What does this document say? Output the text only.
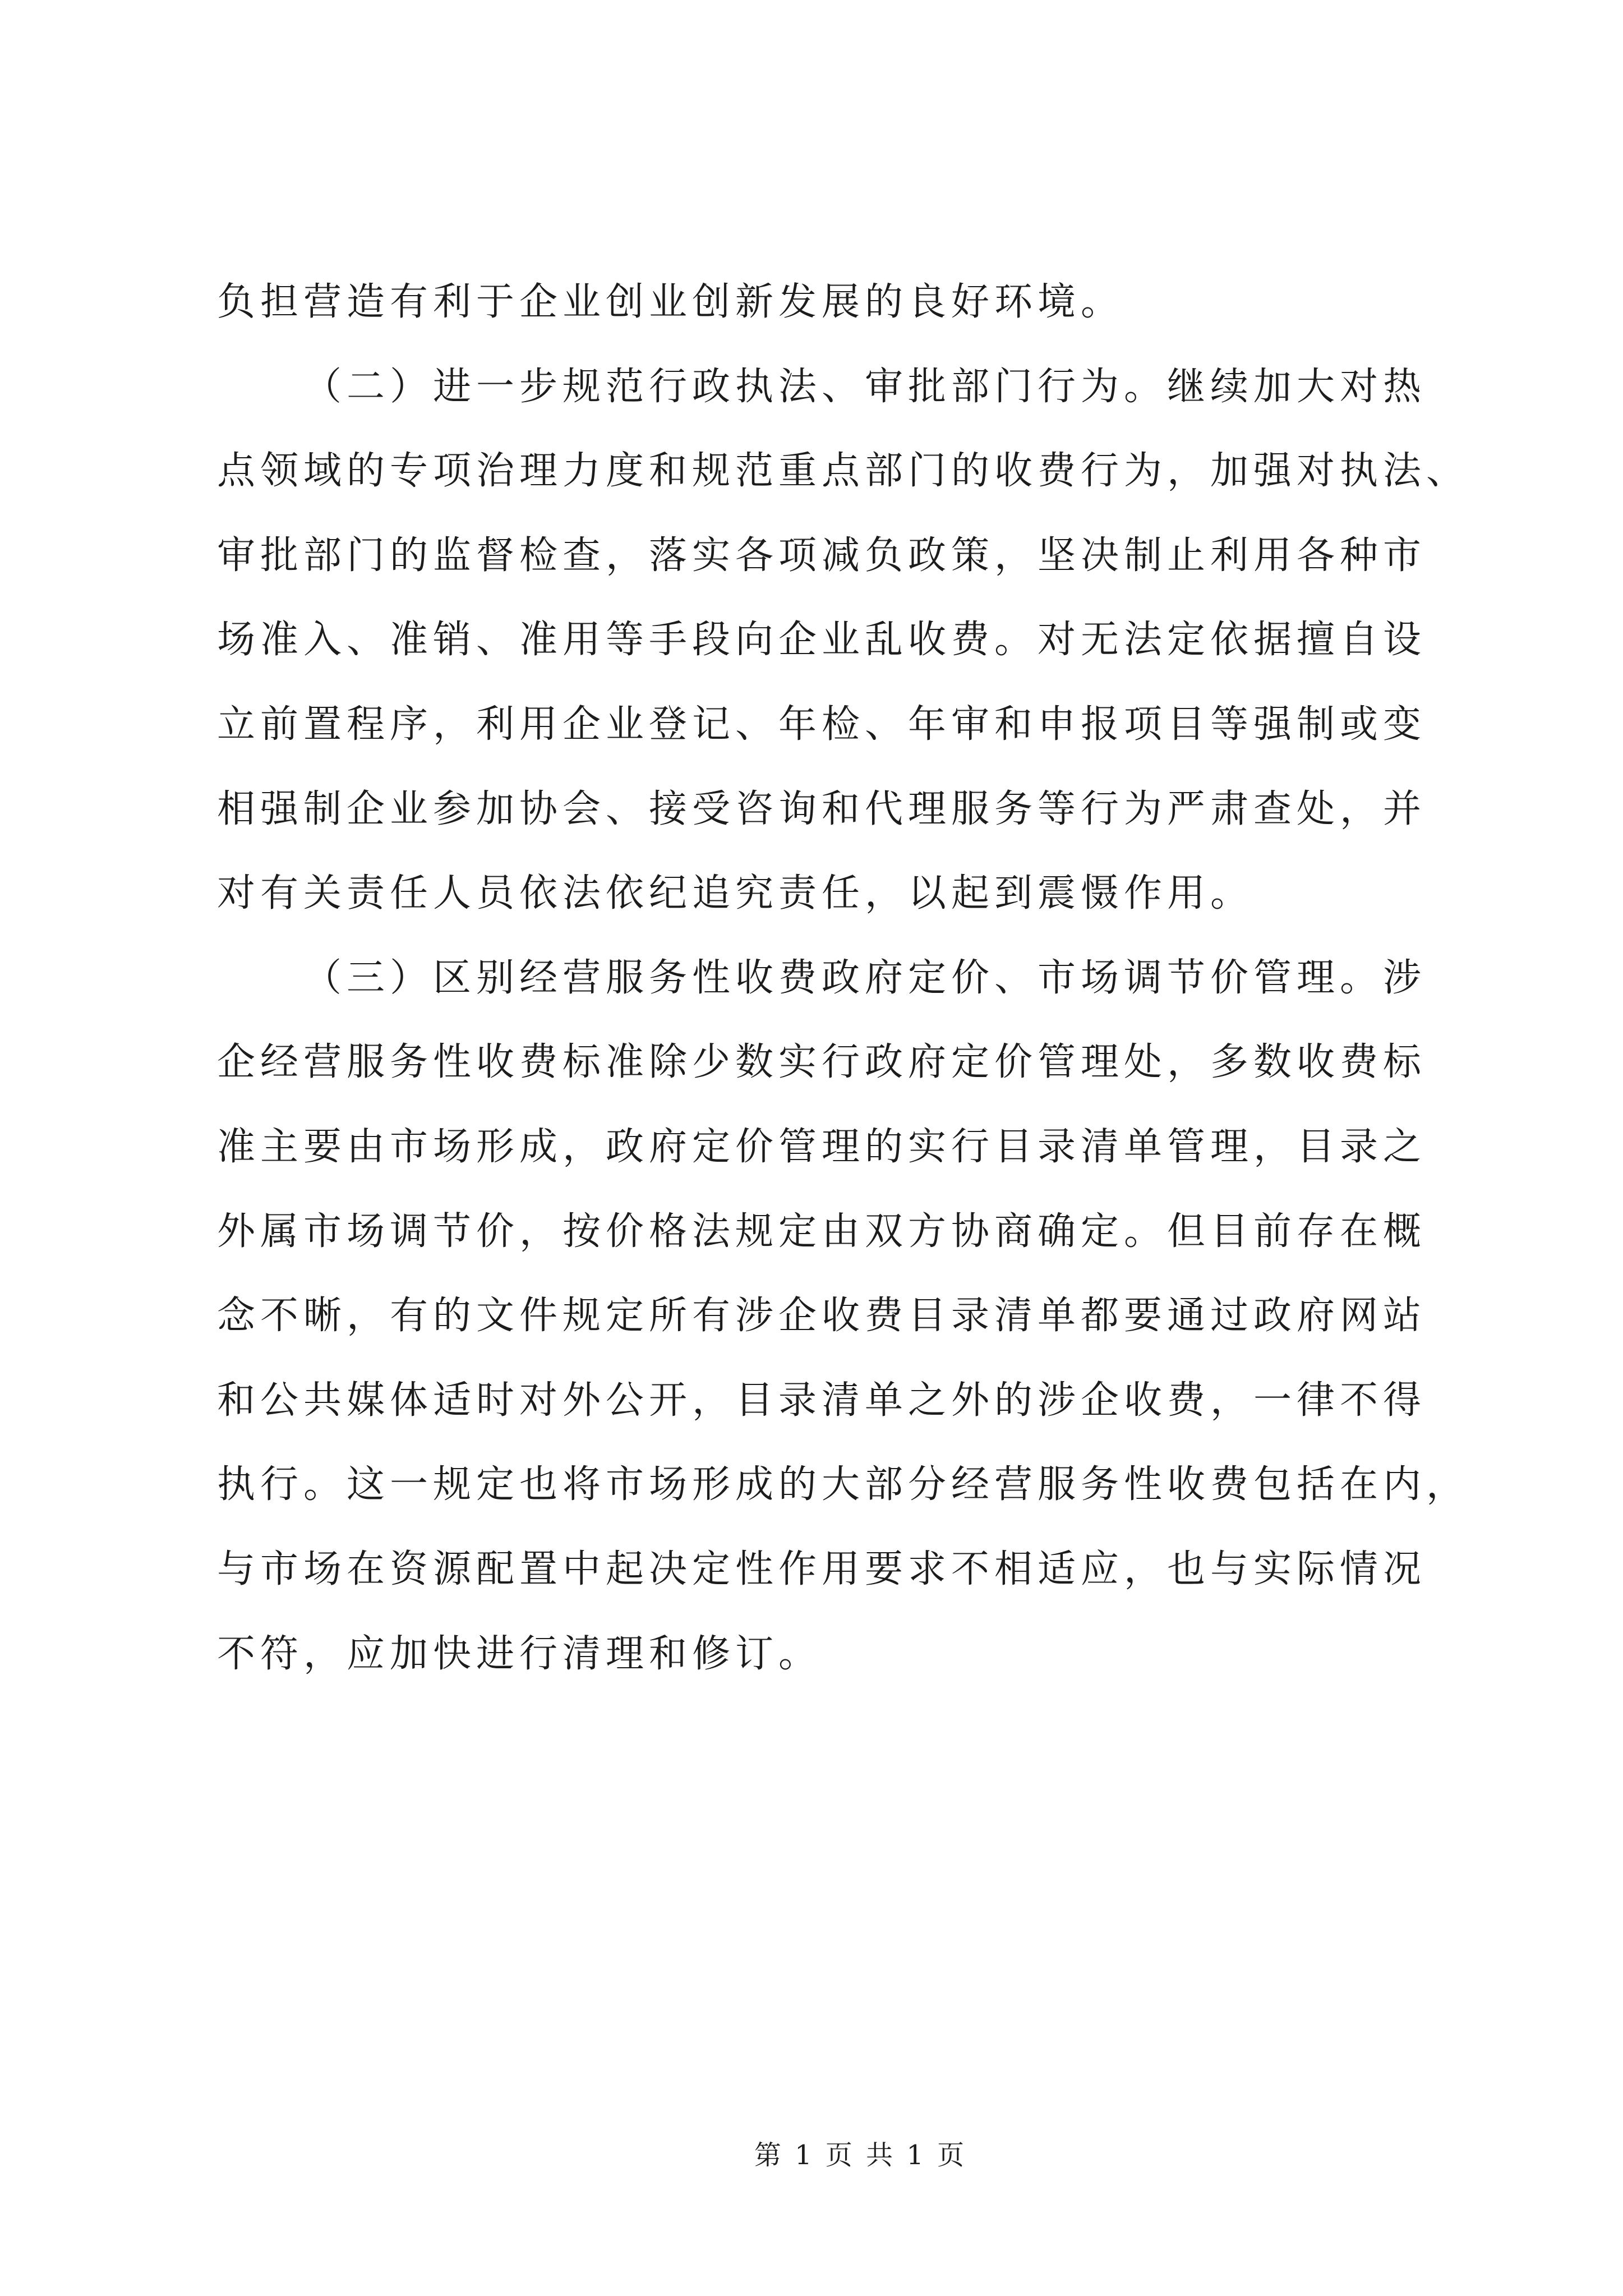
负担营造有利于企业创业创新发展的良好环境。
（二）进一步规范行政执法、审批部门行为。继续加大对热
点领域的专项治理力度和规范重点部门的收费行为，加强对执法、
审批部门的监督检查，落实各项减负政策，坚决制止利用各种市
场准入、准销、准用等手段向企业乱收费。对无法定依据擅自设
立前置程序，利用企业登记、年检、年审和申报项目等强制或变
相强制企业参加协会、接受咨询和代理服务等行为严肃查处，并
对有关责任人员依法依纪追究责任，以起到震慑作用。
（三）区别经营服务性收费政府定价、市场调节价管理。涉
企经营服务性收费标准除少数实行政府定价管理处，多数收费标
准主要由市场形成，政府定价管理的实行目录清单管理，目录之
外属市场调节价，按价格法规定由双方协商确定。但目前存在概
念不晰，有的文件规定所有涉企收费目录清单都要通过政府网站
和公共媒体适时对外公开，目录清单之外的涉企收费，一律不得
执行。这一规定也将市场形成的大部分经营服务性收费包括在内，
与市场在资源配置中起决定性作用要求不相适应，也与实际情况
不符，应加快进行清理和修订。
第 1 页 共 1 页
